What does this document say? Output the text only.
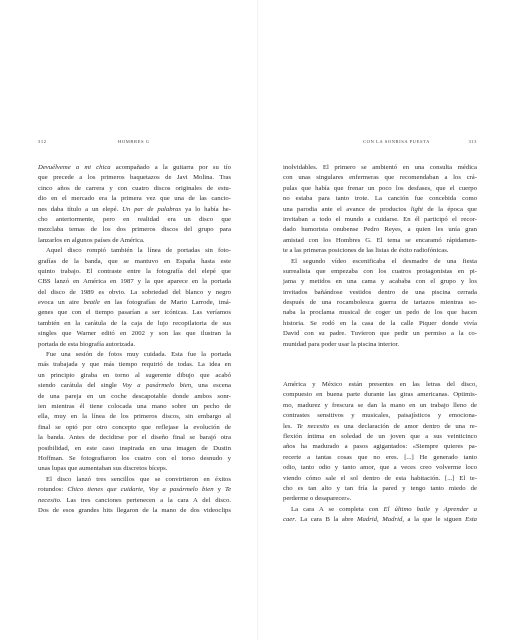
312	HOMBRES G
Devuélveme a mi chica acompañado a la guitarra por su tío
que precede a los primeros baquetazos de Javi Molina. Tras
cinco años de carrera y con cuatro discos originales de estu-
dio en el mercado era la primera vez que una de las cancio-
nes daba título a un elepé. Un par de palabras ya lo había he-
cho anteriormente, pero en realidad era un disco que
mezclaba temas de los dos primeros discos del grupo para
lanzarlos en algunos países de América.
Aquel disco rompió también la línea de portadas sin foto-
grafías de la banda, que se mantuvo en España hasta este
quinto trabajo. El contraste entre la fotografía del elepé que
CBS lanzó en América en 1987 y la que aparece en la portada
del disco de 1989 es obvio. La sobriedad del blanco y negro
evoca un aire beatle en las fotografías de Mario Larrode, imá-
genes que con el tiempo pasarían a ser icónicas. Las veríamos
también en la carátula de la caja de lujo recopilatoria de sus
singles que Warner editó en 2002 y son las que ilustran la
portada de esta biografía autorizada.
Fue una sesión de fotos muy cuidada. Esta fue la portada
más trabajada y que más tiempo requirió de todas. La idea en
un principio giraba en torno al sugerente dibujo que acabó
siendo carátula del single Voy a pasármelo bien, una escena
de una pareja en un coche descapotable donde ambos sonr-
ien mientras él tiene colocada una mano sobre un pecho de
ella, muy en la línea de los primeros discos, sin embargo al
final se optó por otro concepto que reflejase la evolución de
la banda. Antes de decidirse por el diseño final se barajó otra
posibilidad, en este caso inspirada en una imagen de Dustin
Hoffman. Se fotografiaron los cuatro con el torso desnudo y
unas lupas que aumentaban sus discretos bíceps.
El disco lanzó tres sencillos que se convirtieron en éxitos
rotundos: Chico tienes que cuidarte, Voy a pasármelo bien y Te
necesito. Las tres canciones pertenecen a la cara A del disco.
Dos de esos grandes hits llegaron de la mano de dos videoclips
CON LA SONRISA PUESTA	313
inolvidables. El primero se ambientó en una consulta médica
con unas singulares enfermeras que recomendaban a los crá-
pulas que había que frenar un poco los desfases, que el cuerpo
no estaba para tanto trote. La canción fue concebida como
una parodia ante el avance de productos light de la época que
invitaban a todo el mundo a cuidarse. En él participó el recor-
dado humorista onubense Pedro Reyes, a quien les unía gran
amistad con los Hombres G. El tema se encaramó rápidamen-
te a las primeras posiciones de las listas de éxito radiofónicas.
El segundo vídeo escenificaba el desmadre de una fiesta
surrealista que empezaba con los cuatros protagonistas en pi-
jama y metidos en una cama y acababa con el grupo y los
invitados bañándose vestidos dentro de una piscina cerrada
después de una rocambolesca guerra de tartazos mientras so-
naba la proclama musical de coger un pedo de los que hacen
historia. Se rodó en la casa de la calle Piquer donde vivía
David con su padre. Tuvieron que pedir un permiso a la co-
munidad para poder usar la piscina interior.
América y México están presentes en las letras del disco,
compuesto en buena parte durante las giras americanas. Optimis-
mo, madurez y frescura se dan la mano en un trabajo lleno de
contrastes sensitivos y musicales, paisajísticos y emociona-
les. Te necesito es una declaración de amor dentro de una re-
flexión íntima en soledad de un joven que a sus veinticinco
años ha madurado a pasos agigantados: «Siempre quieres pa-
recerte a tantas cosas que no eres. [...] He generado tanto
odio, tanto odio y tanto amor, que a veces creo volverme loco
viendo cómo sale el sol dentro de esta habitación. [...] El te-
cho es tan alto y tan fría la pared y tengo tanto miedo de
perderme o desaparecer».
La cara A se completa con El último baile y Aprender a
caer. La cara B la abre Madrid, Madrid, a la que le siguen Esta
